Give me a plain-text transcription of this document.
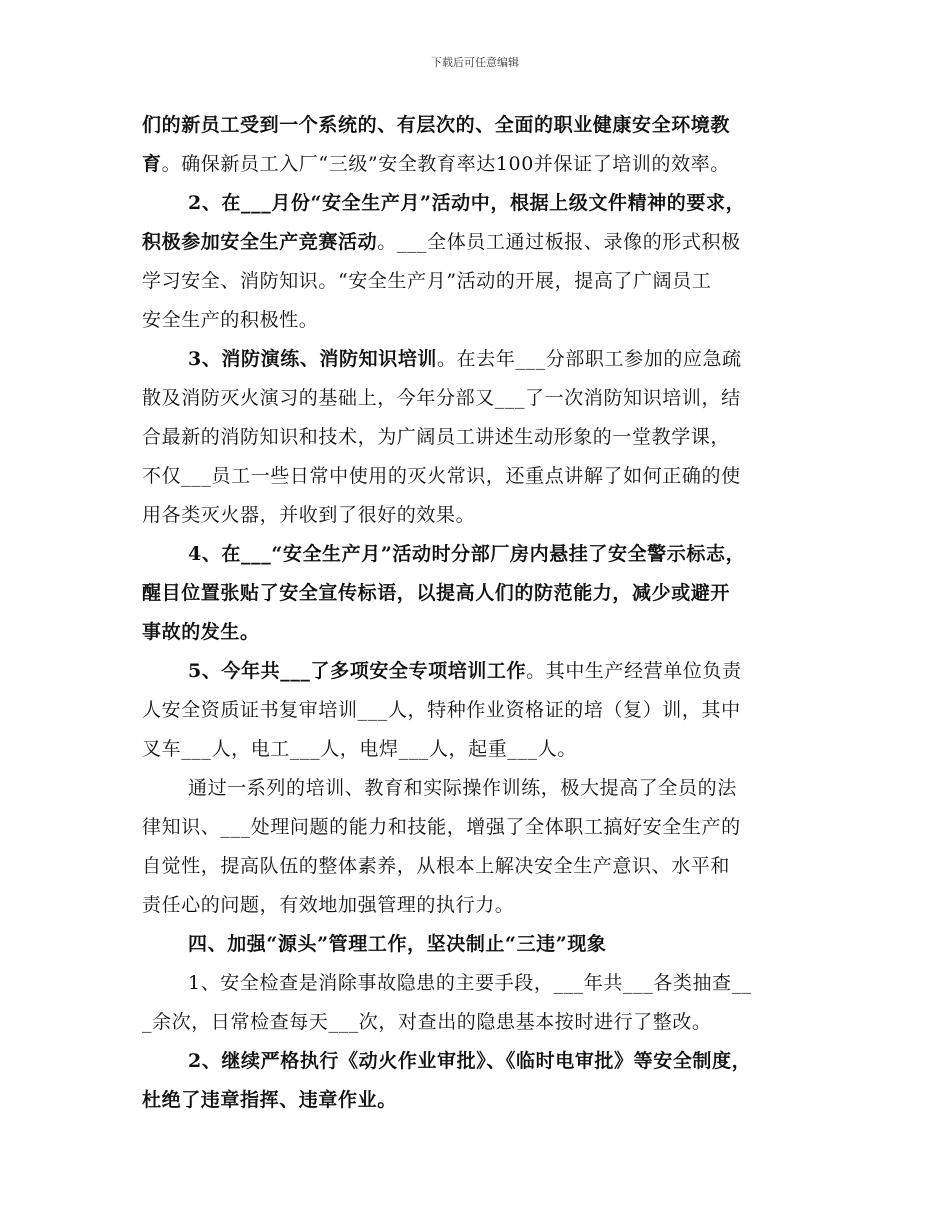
下载后可任意编辑
们的新员工受到一个系统的、有层次的、全面的职业健康安全环境教
育。确保新员工入厂“三级”安全教育率达100并保证了培训的效率。
2、在___月份“安全生产月”活动中，根据上级文件精神的要求，
积极参加安全生产竞赛活动。___全体员工通过板报、录像的形式积极
学习安全、消防知识。“安全生产月”活动的开展，提高了广阔员工
安全生产的积极性。
3、消防演练、消防知识培训。在去年___分部职工参加的应急疏
散及消防灭火演习的基础上，今年分部又___了一次消防知识培训，结
合最新的消防知识和技术，为广阔员工讲述生动形象的一堂教学课，
不仅___员工一些日常中使用的灭火常识，还重点讲解了如何正确的使
用各类灭火器，并收到了很好的效果。
4、在___“安全生产月”活动时分部厂房内悬挂了安全警示标志，
醒目位置张贴了安全宣传标语，以提高人们的防范能力，减少或避开
事故的发生。
5、今年共___了多项安全专项培训工作。其中生产经营单位负责
人安全资质证书复审培训___人，特种作业资格证的培（复）训，其中
叉车___人，电工___人，电焊___人，起重___人。
通过一系列的培训、教育和实际操作训练，极大提高了全员的法
律知识、___处理问题的能力和技能，增强了全体职工搞好安全生产的
自觉性，提高队伍的整体素养，从根本上解决安全生产意识、水平和
责任心的问题，有效地加强管理的执行力。
四、加强“源头”管理工作，坚决制止“三违”现象
1、安全检查是消除事故隐患的主要手段，___年共___各类抽查__
_余次，日常检查每天___次，对查出的隐患基本按时进行了整改。
2、继续严格执行《动火作业审批》、《临时电审批》等安全制度，
杜绝了违章指挥、违章作业。
